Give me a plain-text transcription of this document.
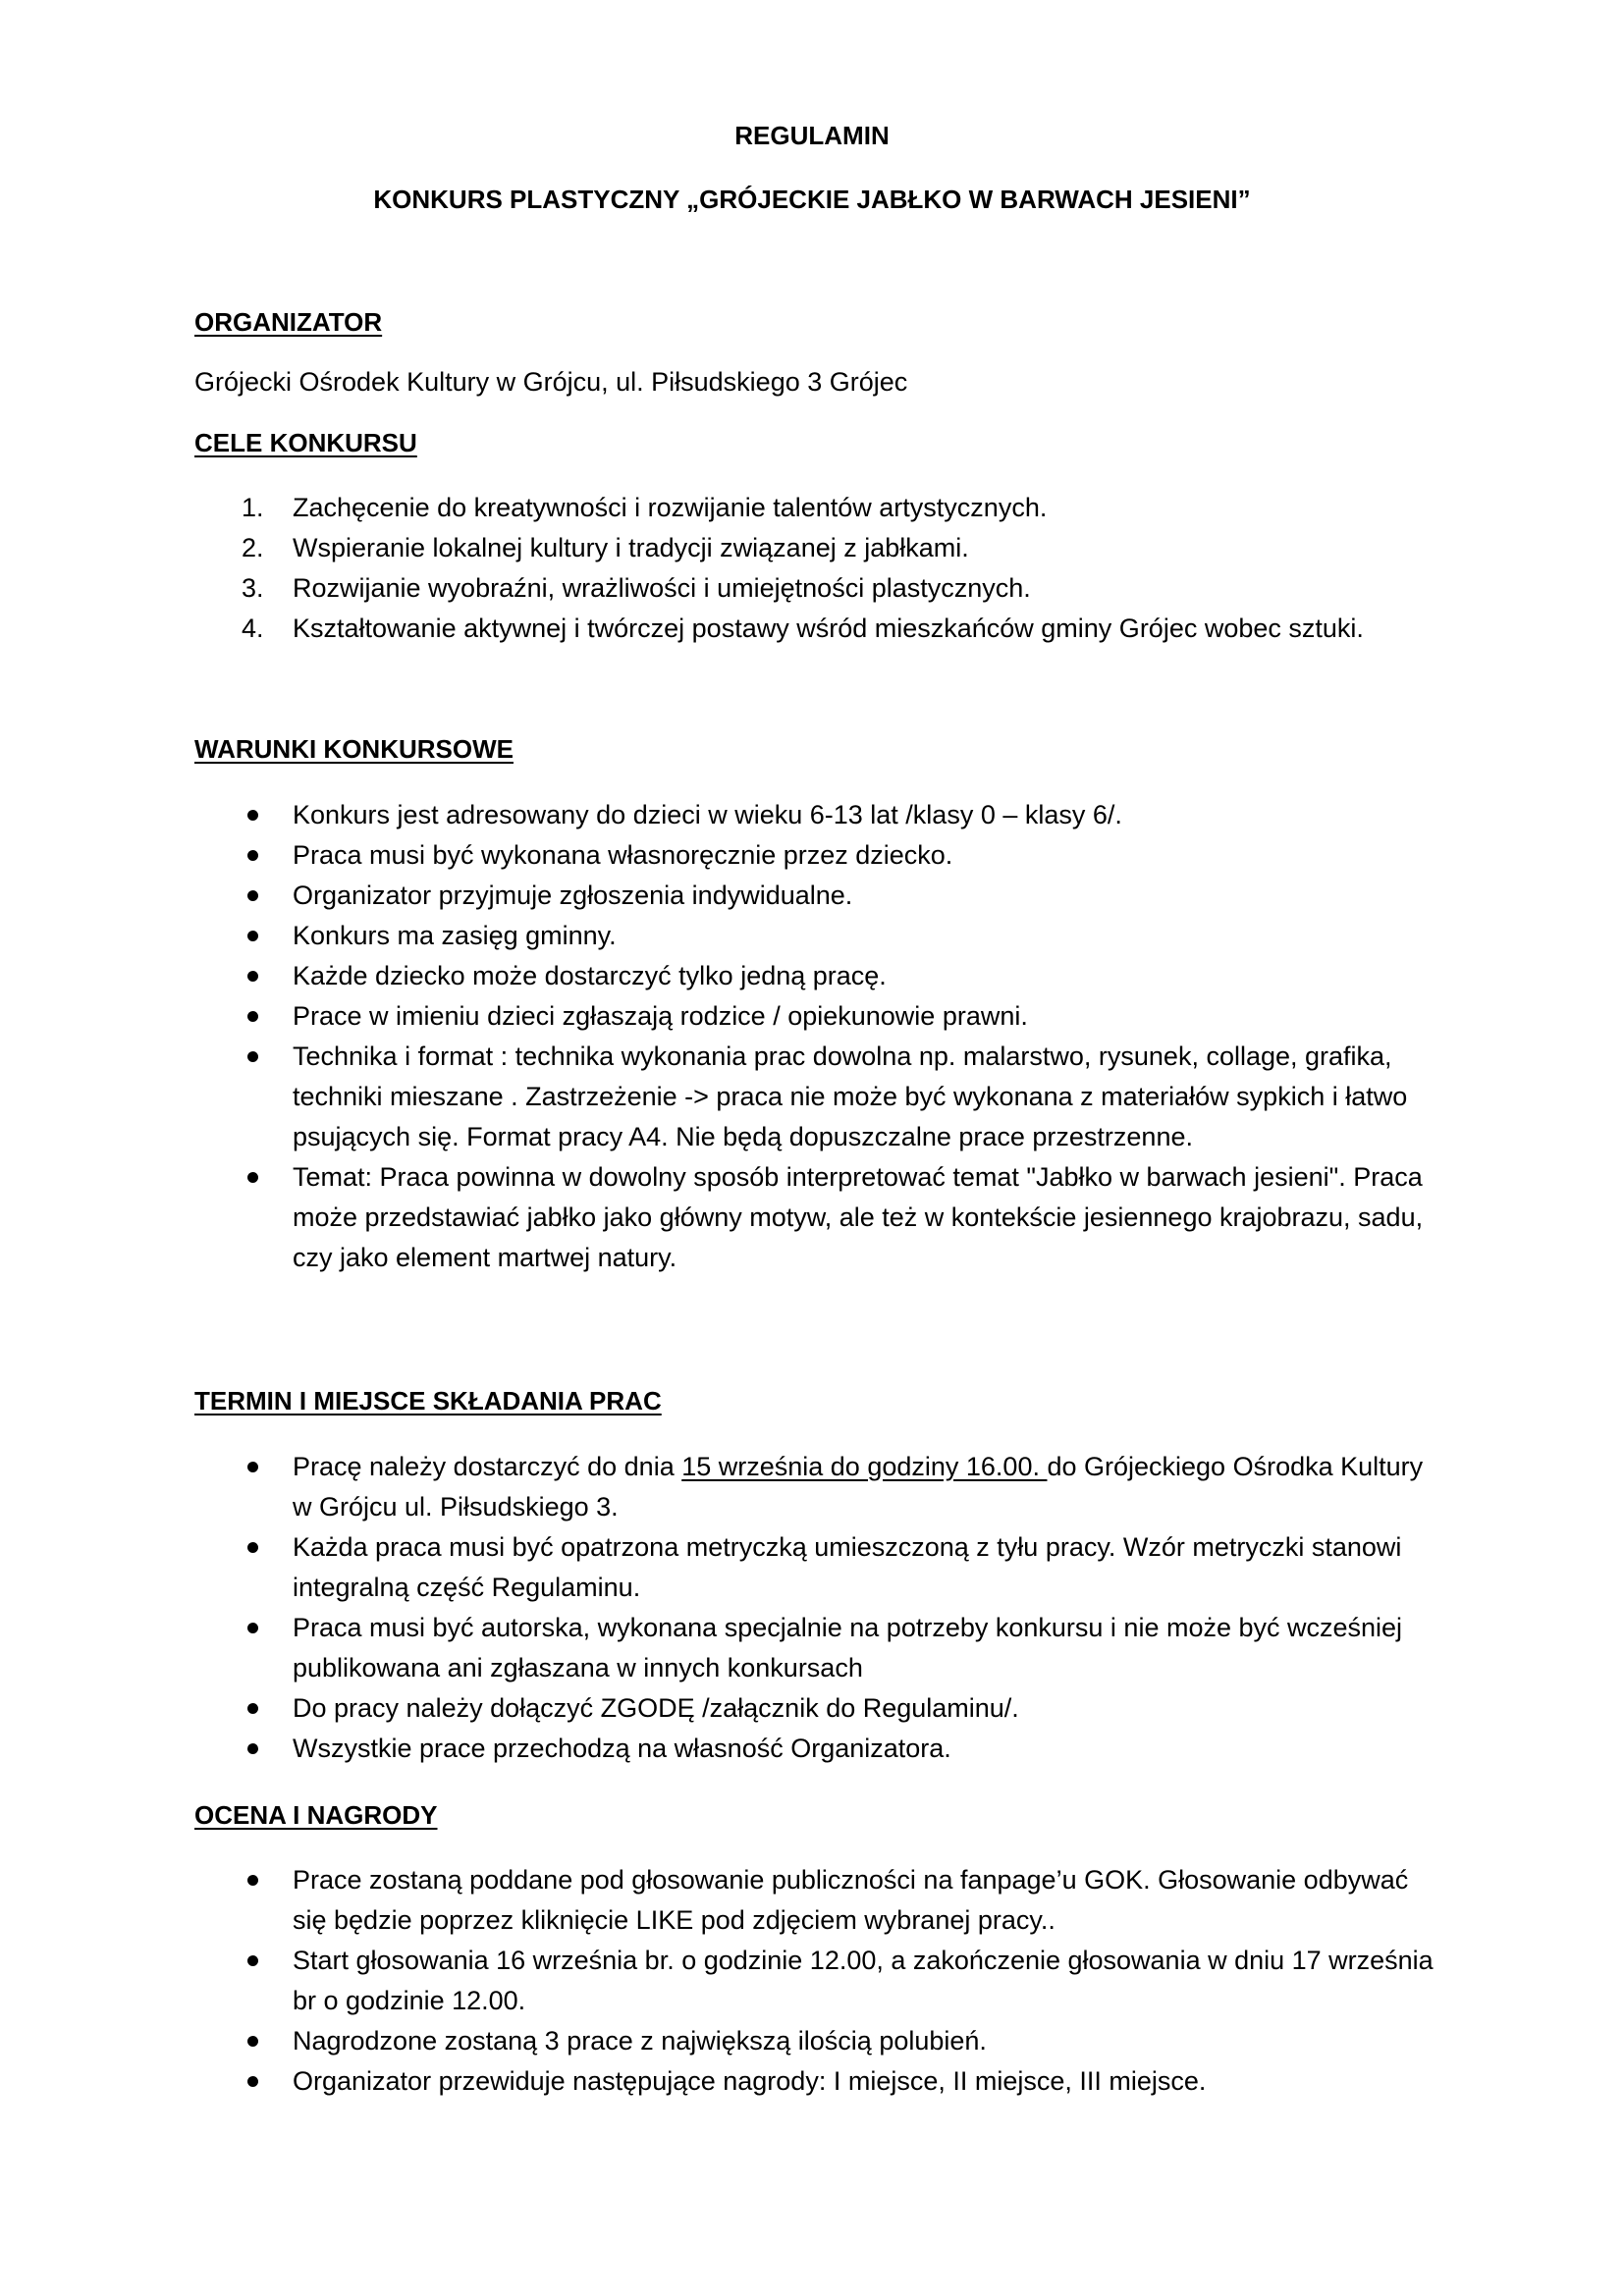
REGULAMIN
KONKURS PLASTYCZNY „GRÓJECKIE JABŁKO W BARWACH JESIENI”
ORGANIZATOR
Grójecki Ośrodek Kultury w Grójcu, ul. Piłsudskiego 3 Grójec
CELE KONKURSU
1. Zachęcenie do kreatywności i rozwijanie talentów artystycznych.
2. Wspieranie lokalnej kultury i tradycji związanej z jabłkami.
3. Rozwijanie wyobraźni, wrażliwości i umiejętności plastycznych.
4. Kształtowanie aktywnej i twórczej postawy wśród mieszkańców gminy Grójec wobec sztuki.
WARUNKI KONKURSOWE
Konkurs jest adresowany do dzieci w wieku 6-13 lat /klasy 0 – klasy 6/.
Praca musi być wykonana własnoręcznie przez dziecko.
Organizator przyjmuje zgłoszenia indywidualne.
Konkurs ma zasięg gminny.
Każde dziecko może dostarczyć tylko jedną pracę.
Prace w imieniu dzieci zgłaszają rodzice / opiekunowie prawni.
Technika i format : technika wykonania prac dowolna np. malarstwo, rysunek, collage, grafika, techniki mieszane . Zastrzeżenie -> praca nie może być wykonana z materiałów sypkich i łatwo psujących się. Format pracy A4. Nie będą dopuszczalne prace przestrzenne.
Temat: Praca powinna w dowolny sposób interpretować temat "Jabłko w barwach jesieni". Praca może przedstawiać jabłko jako główny motyw, ale też w kontekście jesiennego krajobrazu, sadu, czy jako element martwej natury.
TERMIN I MIEJSCE SKŁADANIA PRAC
Pracę należy dostarczyć do dnia 15 września do godziny 16.00. do Grójeckiego Ośrodka Kultury w Grójcu ul. Piłsudskiego 3.
Każda praca musi być opatrzona metryczką umieszczoną z tyłu pracy. Wzór metryczki stanowi integralną część Regulaminu.
Praca musi być autorska, wykonana specjalnie na potrzeby konkursu i nie może być wcześniej publikowana ani zgłaszana w innych konkursach
Do pracy należy dołączyć ZGODĘ /załącznik do Regulaminu/.
Wszystkie prace przechodzą na własność Organizatora.
OCENA I NAGRODY
Prace zostaną poddane pod głosowanie publiczności na fanpage’u GOK. Głosowanie odbywać się będzie poprzez kliknięcie LIKE pod zdjęciem wybranej pracy..
Start głosowania 16 września br. o godzinie 12.00, a zakończenie głosowania w dniu 17 września br o godzinie 12.00.
Nagrodzone zostaną 3 prace z największą ilością polubień.
Organizator przewiduje następujące nagrody: I miejsce, II miejsce, III miejsce.
